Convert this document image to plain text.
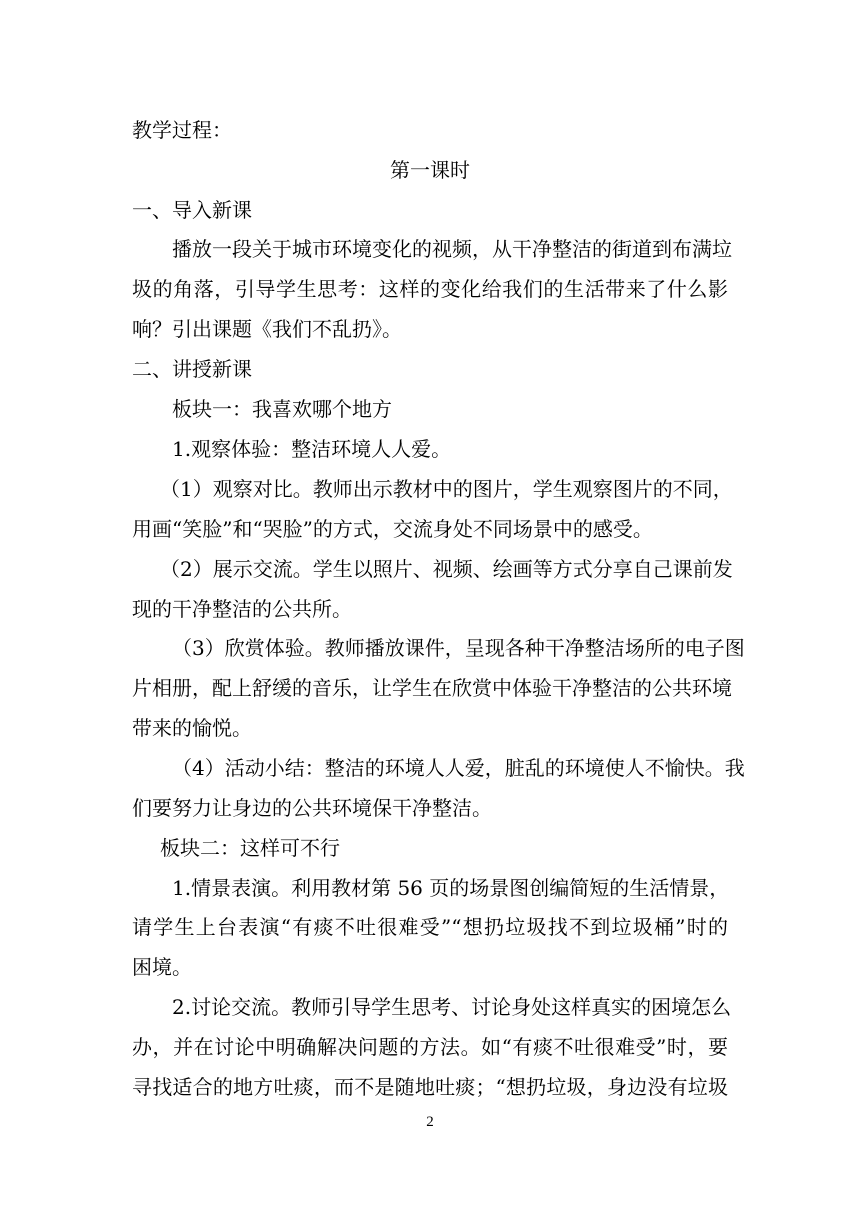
教学过程：
第一课时
一、导入新课
播放一段关于城市环境变化的视频，从干净整洁的街道到布满垃
圾的角落，引导学生思考：这样的变化给我们的生活带来了什么影
响？引出课题《我们不乱扔》。
二、讲授新课
板块一：我喜欢哪个地方
1.观察体验：整洁环境人人爱。
（1）观察对比。教师出示教材中的图片，学生观察图片的不同，
用画“笑脸”和“哭脸”的方式，交流身处不同场景中的感受。
（2）展示交流。学生以照片、视频、绘画等方式分享自己课前发
现的干净整洁的公共所。
（3）欣赏体验。教师播放课件，呈现各种干净整洁场所的电子图
片相册，配上舒缓的音乐，让学生在欣赏中体验干净整洁的公共环境
带来的愉悦。
（4）活动小结：整洁的环境人人爱，脏乱的环境使人不愉快。我
们要努力让身边的公共环境保干净整洁。
板块二：这样可不行
1.情景表演。利用教材第 56 页的场景图创编简短的生活情景，
请学生上台表演“有痰不吐很难受”“想扔垃圾找不到垃圾桶”时的
困境。
2.讨论交流。教师引导学生思考、讨论身处这样真实的困境怎么
办，并在讨论中明确解决问题的方法。如“有痰不吐很难受”时，要
寻找适合的地方吐痰，而不是随地吐痰；“想扔垃圾，身边没有垃圾
2
